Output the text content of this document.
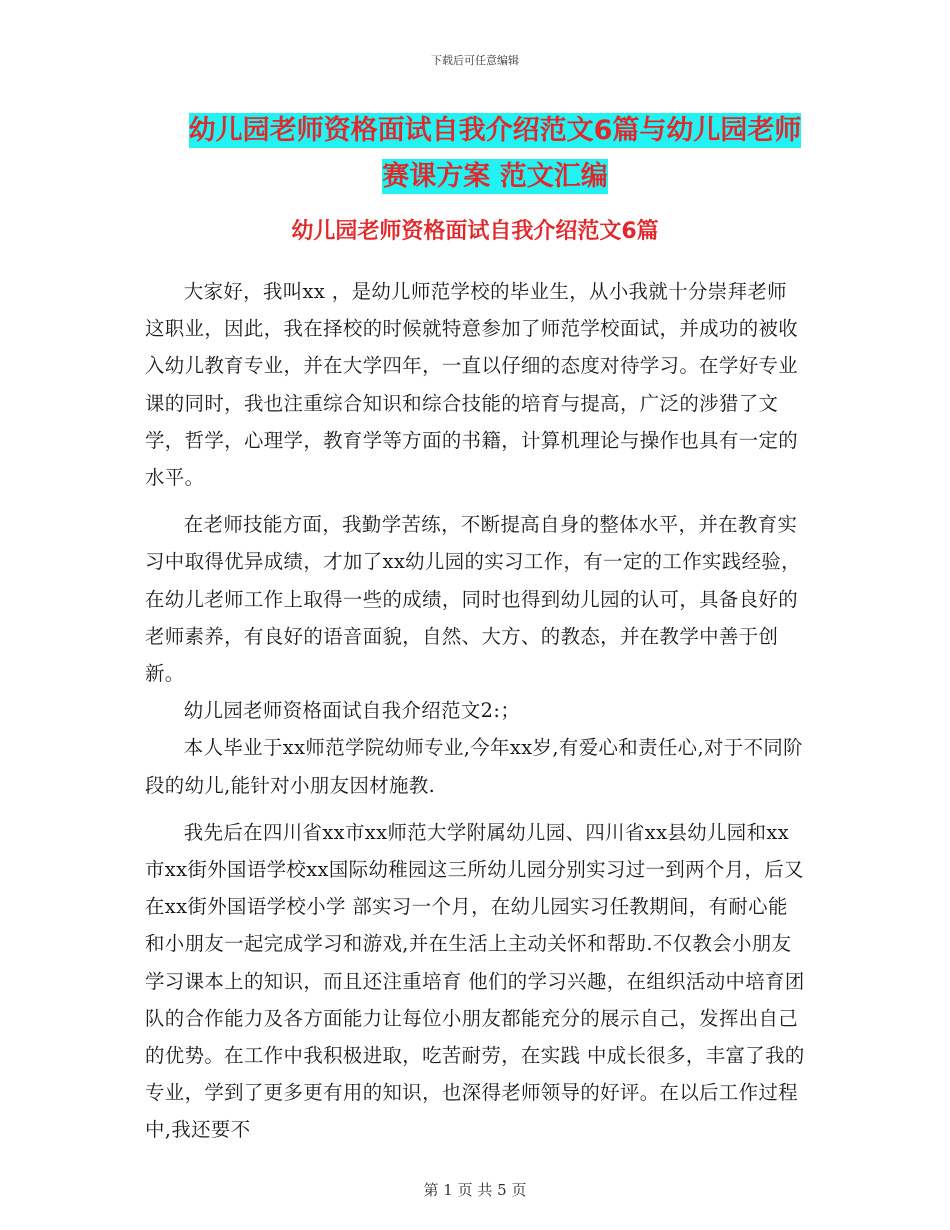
下载后可任意编辑
幼儿园老师资格面试自我介绍范文6篇与幼儿园老师
赛课方案 范文汇编
幼儿园老师资格面试自我介绍范文6篇

大家好，我叫xx ，是幼儿师范学校的毕业生，从小我就十分崇拜老师这职业，因此，我在择校的时候就特意参加了师范学校面试，并成功的被收入幼儿教育专业，并在大学四年，一直以仔细的态度对待学习。在学好专业课的同时，我也注重综合知识和综合技能的培育与提高，广泛的涉猎了文学，哲学，心理学，教育学等方面的书籍，计算机理论与操作也具有一定的水平。

在老师技能方面，我勤学苦练，不断提高自身的整体水平，并在教育实习中取得优异成绩，才加了xx幼儿园的实习工作，有一定的工作实践经验，在幼儿老师工作上取得一些的成绩，同时也得到幼儿园的认可，具备良好的老师素养，有良好的语音面貌，自然、大方、的教态，并在教学中善于创新。

幼儿园老师资格面试自我介绍范文2:；

本人毕业于xx师范学院幼师专业,今年xx岁,有爱心和责任心,对于不同阶段的幼儿,能针对小朋友因材施教.

我先后在四川省xx市xx师范大学附属幼儿园、四川省xx县幼儿园和xx市xx街外国语学校xx国际幼稚园这三所幼儿园分别实习过一到两个月，后又在xx街外国语学校小学 部实习一个月，在幼儿园实习任教期间，有耐心能和小朋友一起完成学习和游戏,并在生活上主动关怀和帮助.不仅教会小朋友学习课本上的知识，而且还注重培育 他们的学习兴趣，在组织活动中培育团队的合作能力及各方面能力让每位小朋友都能充分的展示自己，发挥出自己的优势。在工作中我积极进取，吃苦耐劳，在实践 中成长很多，丰富了我的专业，学到了更多更有用的知识，也深得老师领导的好评。在以后工作过程中,我还要不

第 1 页 共 5 页
